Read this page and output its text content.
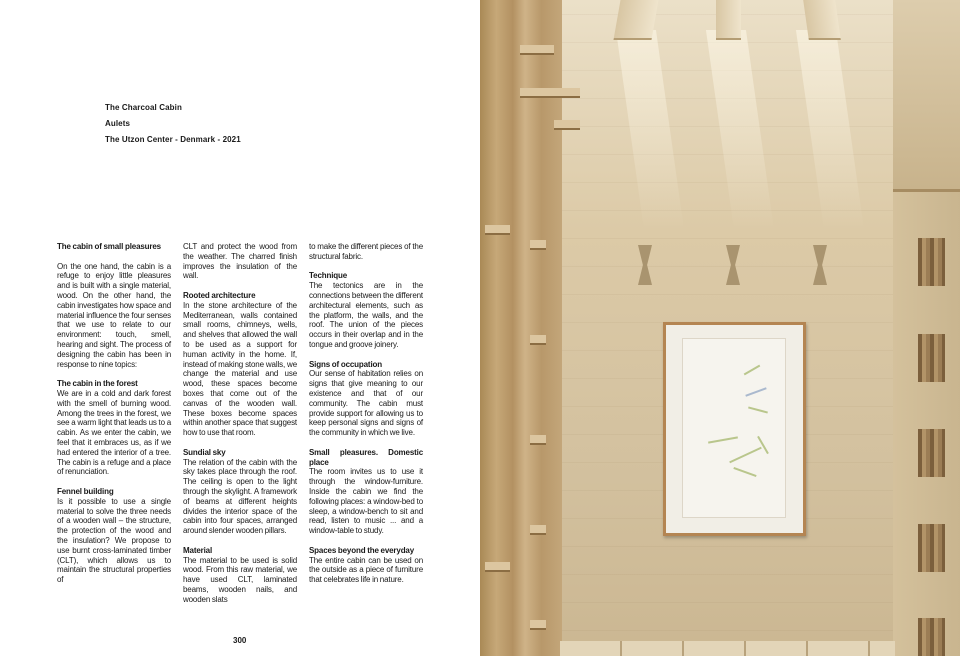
The Charcoal Cabin
Aulets
The Utzon Center - Denmark - 2021
The cabin of small pleasures

On the one hand, the cabin is a refuge to enjoy little pleasures and is built with a single material, wood. On the other hand, the cabin investigates how space and material influence the four senses that we use to relate to our environment: touch, smell, hearing and sight. The process of designing the cabin has been in response to nine topics:

The cabin in the forest

We are in a cold and dark forest with the smell of burning wood. Among the trees in the forest, we see a warm light that leads us to a cabin. As we enter the cabin, we feel that it embraces us, as if we had entered the interior of a tree. The cabin is a refuge and a place of renunciation.

Fennel building

Is it possible to use a single material to solve the three needs of a wooden wall – the structure, the protection of the wood and the insulation? We propose to use burnt cross-laminated timber (CLT), which allows us to maintain the structural properties of

CLT and protect the wood from the weather. The charred finish improves the insulation of the wall.

Rooted architecture

In the stone architecture of the Mediterranean, walls contained small rooms, chimneys, wells, and shelves that allowed the wall to be used as a support for human activity in the home. If, instead of making stone walls, we change the material and use wood, these spaces become boxes that come out of the canvas of the wooden wall. These boxes become spaces within another space that suggest how to use that room.

Sundial sky

The relation of the cabin with the sky takes place through the roof. The ceiling is open to the light through the skylight. A framework of beams at different heights divides the interior space of the cabin into four spaces, arranged around slender wooden pillars.

Material

The material to be used is solid wood. From this raw material, we have used CLT, laminated beams, wooden nails, and wooden slats

to make the different pieces of the structural fabric.

Technique

The tectonics are in the connections between the different architectural elements, such as the platform, the walls, and the roof. The union of the pieces occurs in their overlap and in the tongue and groove joinery.

Signs of occupation

Our sense of habitation relies on signs that give meaning to our existence and that of our community. The cabin must provide support for allowing us to keep personal signs and signs of the community in which we live.

Small pleasures. Domestic place

The room invites us to use it through the window-furniture. Inside the cabin we find the following places: a window-bed to sleep, a window-bench to sit and read, listen to music ... and a window-table to study.

Spaces beyond the everyday

The entire cabin can be used on the outside as a piece of furniture that celebrates life in nature.

300
